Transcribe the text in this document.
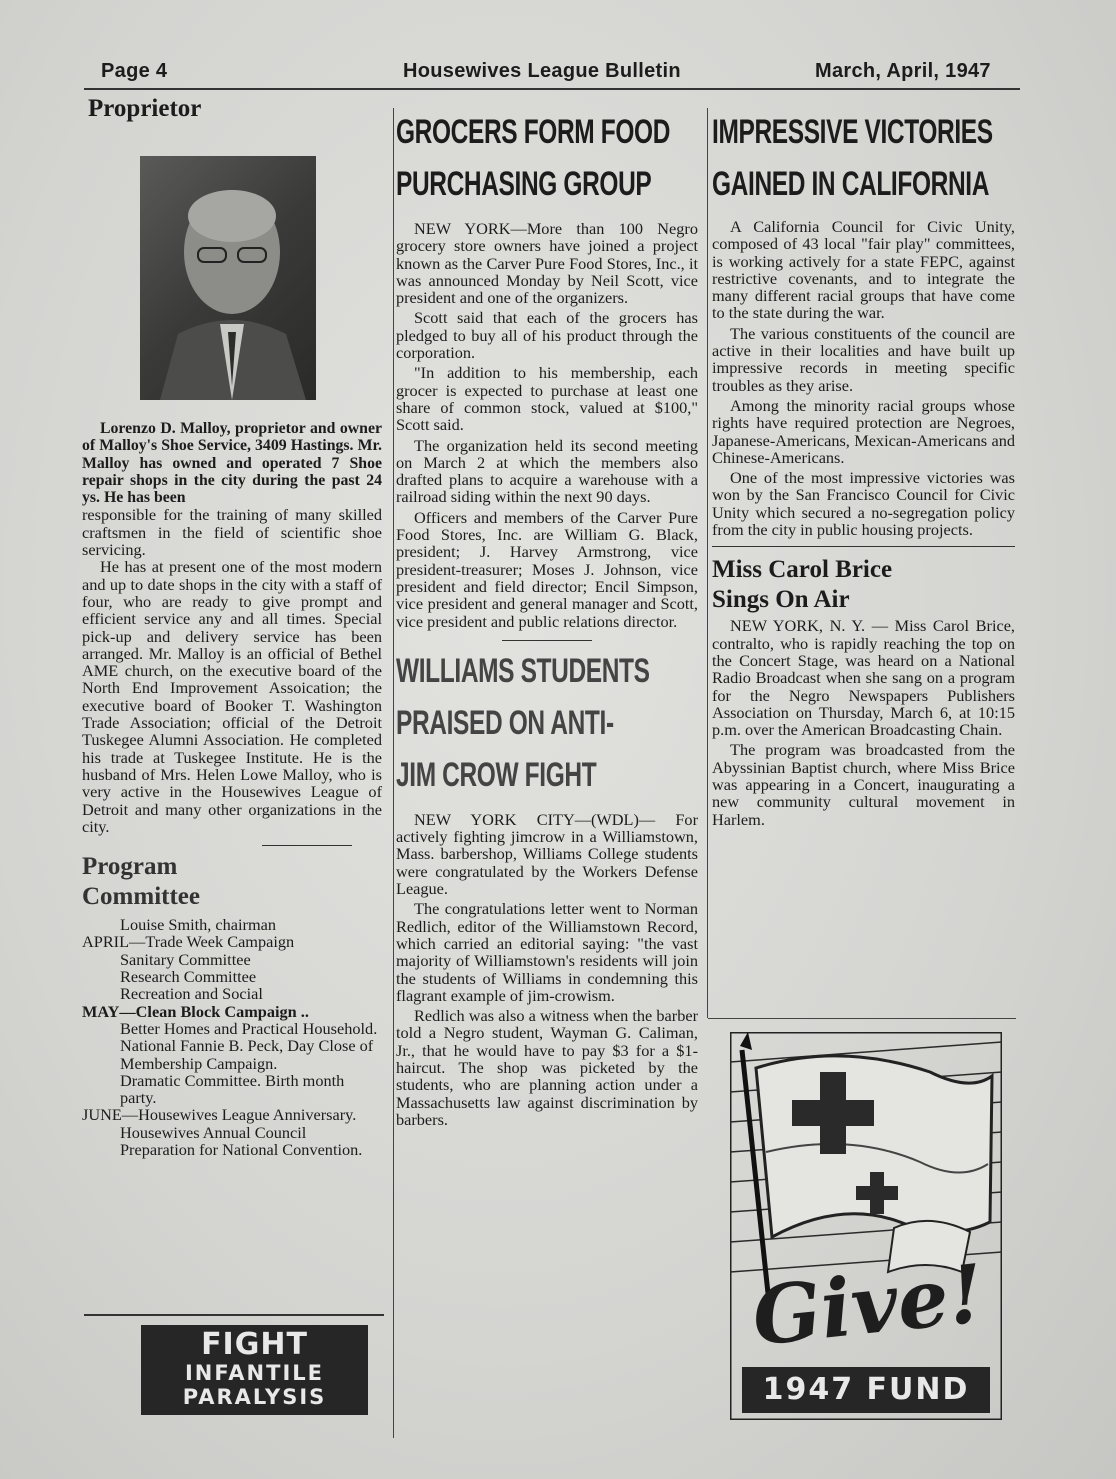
Page 4	Housewives League Bulletin	March, April, 1947
Proprietor

Lorenzo D. Malloy, proprietor and owner of Malloy's Shoe Service, 3409 Hastings. Mr. Malloy has owned and operated 7 Shoe repair shops in the city during the past 24 ys. He has been

responsible for the training of many skilled craftsmen in the field of scientific shoe servicing.

He has at present one of the most modern and up to date shops in the city with a staff of four, who are ready to give prompt and efficient service any and all times. Special pick-up and delivery service has been arranged. Mr. Malloy is an official of Bethel AME church, on the executive board of the North End Improvement Assoication; the executive board of Booker T. Washington Trade Association; official of the Detroit Tuskegee Alumni Association. He completed his trade at Tuskegee Institute. He is the husband of Mrs. Helen Lowe Malloy, who is very active in the Housewives League of Detroit and many other organizations in the city.

Program
Committee
Louise Smith, chairman
APRIL—Trade Week Campaign
Sanitary Committee
Research Committee
Recreation and Social
MAY—Clean Block Campaign ..
Better Homes and Practical Household.
National Fannie B. Peck, Day Close of Membership Campaign.
Dramatic Committee. Birth month party.
JUNE—Housewives League Anniversary.
Housewives Annual Council Preparation for National Convention.
FIGHT
INFANTILE
PARALYSIS
GROCERS FORM FOOD
PURCHASING GROUP

NEW YORK—More than 100 Negro grocery store owners have joined a project known as the Carver Pure Food Stores, Inc., it was announced Monday by Neil Scott, vice president and one of the organizers.

Scott said that each of the grocers has pledged to buy all of his product through the corporation.

"In addition to his membership, each grocer is expected to purchase at least one share of common stock, valued at $100," Scott said.

The organization held its second meeting on March 2 at which the members also drafted plans to acquire a warehouse with a railroad siding within the next 90 days.

Officers and members of the Carver Pure Food Stores, Inc. are William G. Black, president; J. Harvey Armstrong, vice president-treasurer; Moses J. Johnson, vice president and field director; Encil Simpson, vice president and general manager and Scott, vice president and public relations director.

WILLIAMS STUDENTS
PRAISED ON ANTI-
JIM CROW FIGHT

NEW YORK CITY—(WDL)— For actively fighting jimcrow in a Williamstown, Mass. barbershop, Williams College students were congratulated by the Workers Defense League.

The congratulations letter went to Norman Redlich, editor of the Williamstown Record, which carried an editorial saying: "the vast majority of Williamstown's residents will join the students of Williams in condemning this flagrant example of jim-crowism.

Redlich was also a witness when the barber told a Negro student, Wayman G. Caliman, Jr., that he would have to pay $3 for a $1-haircut. The shop was picketed by the students, who are planning action under a Massachusetts law against discrimination by barbers.

IMPRESSIVE VICTORIES
GAINED IN CALIFORNIA

A California Council for Civic Unity, composed of 43 local "fair play" committees, is working actively for a state FEPC, against restrictive covenants, and to integrate the many different racial groups that have come to the state during the war.

The various constituents of the council are active in their localities and have built up impressive records in meeting specific troubles as they arise.

Among the minority racial groups whose rights have required protection are Negroes, Japanese-Americans, Mexican-Americans and Chinese-Americans.

One of the most impressive victories was won by the San Francisco Council for Civic Unity which secured a no-segregation policy from the city in public housing projects.

Miss Carol Brice
Sings On Air

NEW YORK, N. Y. — Miss Carol Brice, contralto, who is rapidly reaching the top on the Concert Stage, was heard on a National Radio Broadcast when she sang on a program for the Negro Newspapers Publishers Association on Thursday, March 6, at 10:15 p.m. over the American Broadcasting Chain.

The program was broadcasted from the Abyssinian Baptist church, where Miss Brice was appearing in a Concert, inaugurating a new community cultural movement in Harlem.

Give!
1947 FUND
